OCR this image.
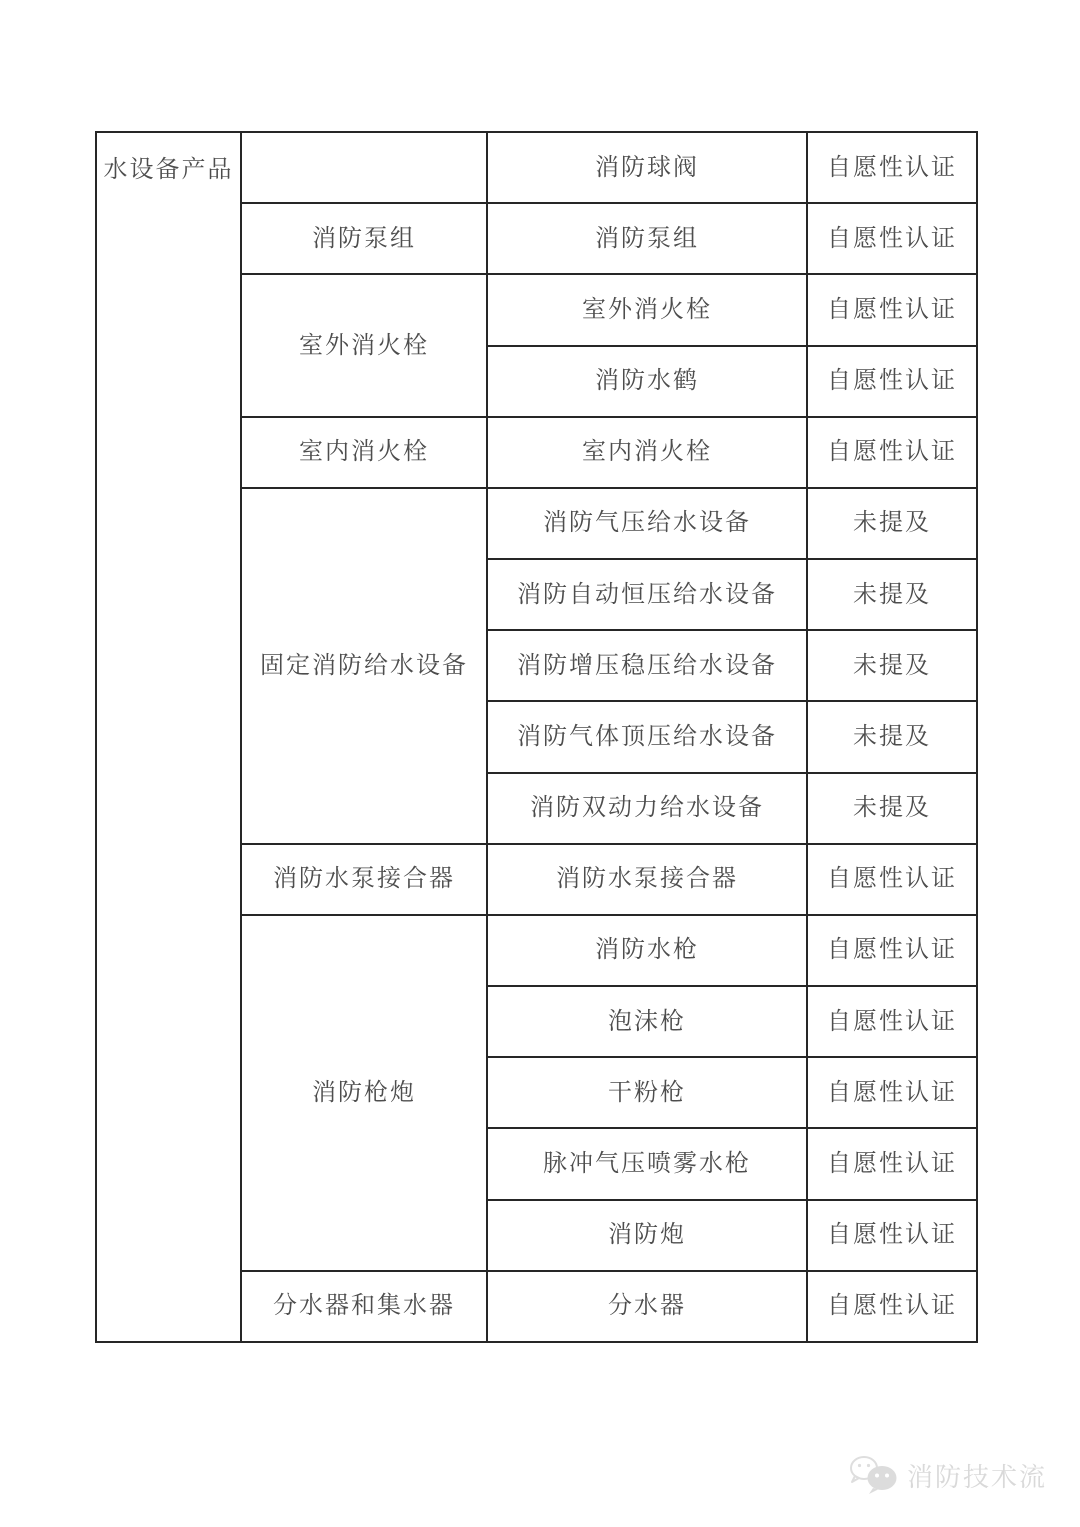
水设备产品		消防球阀	自愿性认证
	消防泵组	消防泵组	自愿性认证
	室外消火栓	室外消火栓	自愿性认证
		消防水鹤	自愿性认证
	室内消火栓	室内消火栓	自愿性认证
	固定消防给水设备	消防气压给水设备	未提及
		消防自动恒压给水设备	未提及
		消防增压稳压给水设备	未提及
		消防气体顶压给水设备	未提及
		消防双动力给水设备	未提及
	消防水泵接合器	消防水泵接合器	自愿性认证
	消防枪炮	消防水枪	自愿性认证
		泡沫枪	自愿性认证
		干粉枪	自愿性认证
		脉冲气压喷雾水枪	自愿性认证
		消防炮	自愿性认证
	分水器和集水器	分水器	自愿性认证
消防技术流
